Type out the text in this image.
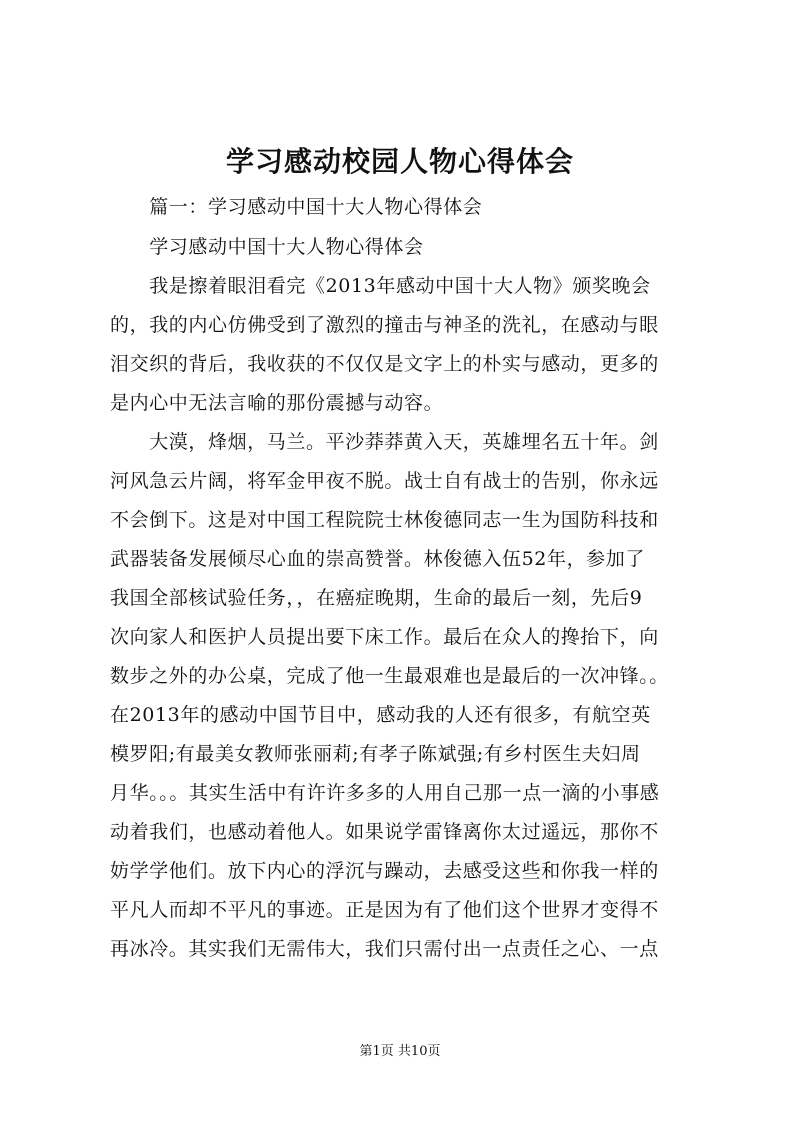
学习感动校园人物心得体会
　　篇一：学习感动中国十大人物心得体会
　　学习感动中国十大人物心得体会
　　我是擦着眼泪看完《2013年感动中国十大人物》颁奖晚会
的，我的内心仿佛受到了激烈的撞击与神圣的洗礼，在感动与眼
泪交织的背后，我收获的不仅仅是文字上的朴实与感动，更多的
是内心中无法言喻的那份震撼与动容。
　　大漠，烽烟，马兰。平沙莽莽黄入天，英雄埋名五十年。剑
河风急云片阔，将军金甲夜不脱。战士自有战士的告别，你永远
不会倒下。这是对中国工程院院士林俊德同志一生为国防科技和
武器装备发展倾尽心血的崇高赞誉。林俊德入伍52年，参加了
我国全部核试验任务，，在癌症晚期，生命的最后一刻，先后9
次向家人和医护人员提出要下床工作。最后在众人的搀抬下，向
数步之外的办公桌，完成了他一生最艰难也是最后的一次冲锋。。
在2013年的感动中国节目中，感动我的人还有很多，有航空英
模罗阳;有最美女教师张丽莉;有孝子陈斌强;有乡村医生夫妇周
月华。。。其实生活中有许许多多的人用自己那一点一滴的小事感
动着我们，也感动着他人。如果说学雷锋离你太过遥远，那你不
妨学学他们。放下内心的浮沉与躁动，去感受这些和你我一样的
平凡人而却不平凡的事迹。正是因为有了他们这个世界才变得不
再冰冷。其实我们无需伟大，我们只需付出一点责任之心、一点
第1页 共10页
